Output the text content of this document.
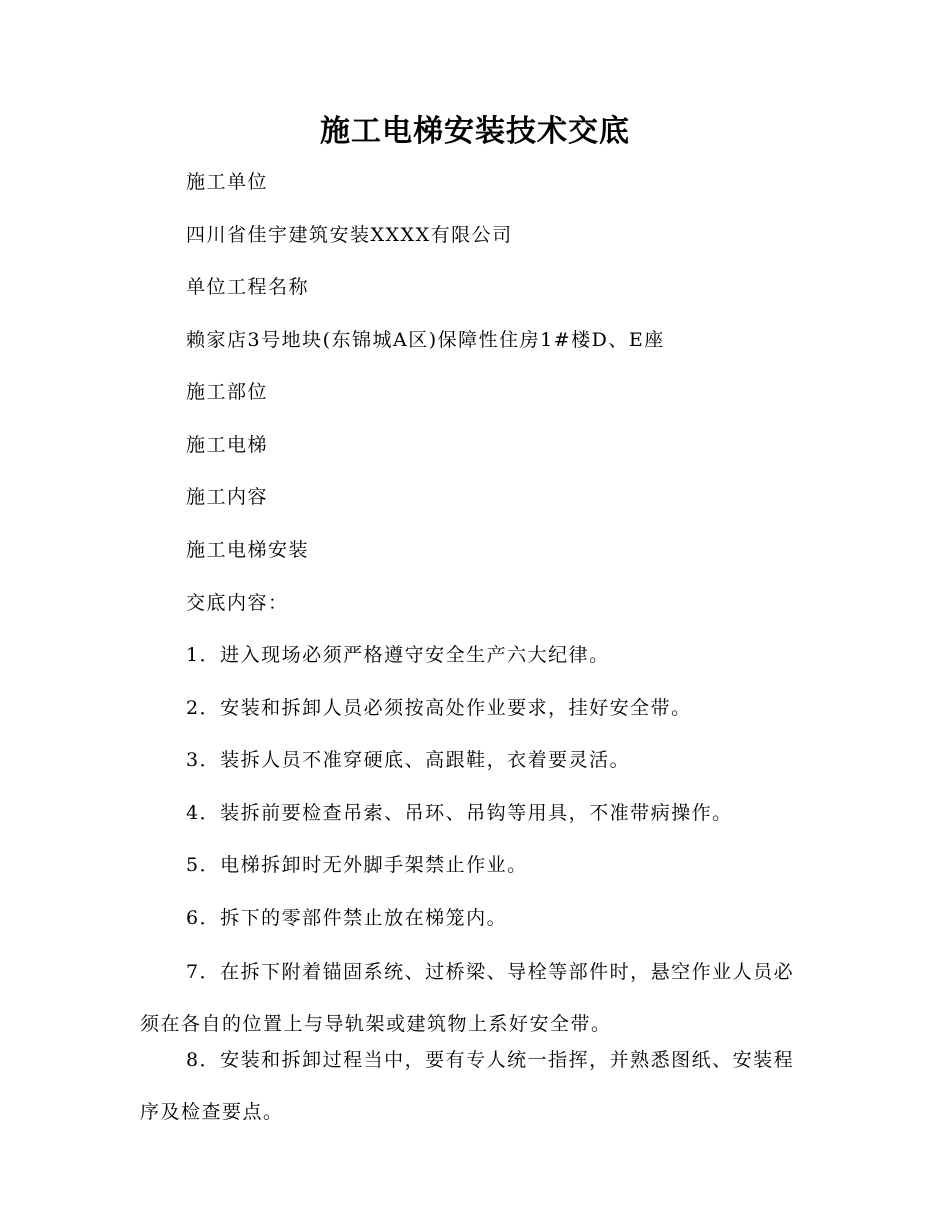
施工电梯安装技术交底
施工单位
四川省佳宇建筑安装XXXX有限公司
单位工程名称
赖家店3号地块(东锦城A区)保障性住房1#楼D、E座
施工部位
施工电梯
施工内容
施工电梯安装
交底内容：
1．进入现场必须严格遵守安全生产六大纪律。
2．安装和拆卸人员必须按高处作业要求，挂好安全带。
3．装拆人员不准穿硬底、高跟鞋，衣着要灵活。
4．装拆前要检查吊索、吊环、吊钩等用具，不准带病操作。
5．电梯拆卸时无外脚手架禁止作业。
6．拆下的零部件禁止放在梯笼内。
7．在拆下附着锚固系统、过桥梁、导栓等部件时，悬空作业人员必须在各自的位置上与导轨架或建筑物上系好安全带。
8．安装和拆卸过程当中，要有专人统一指挥，并熟悉图纸、安装程序及检查要点。
